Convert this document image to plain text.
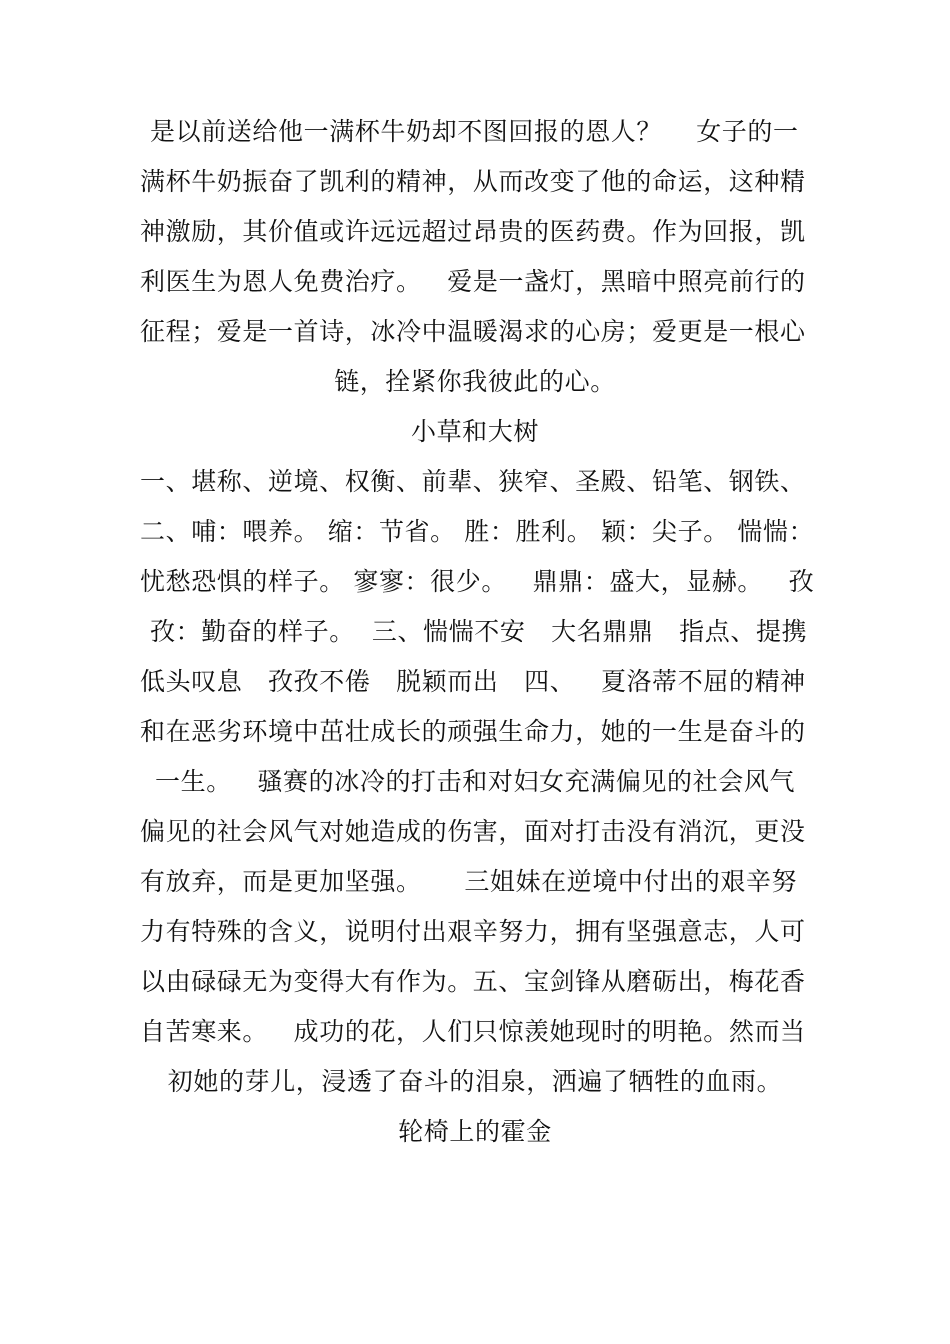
是以前送给他一满杯牛奶却不图回报的恩人？    女子的一
满杯牛奶振奋了凯利的精神，从而改变了他的命运，这种精
神激励，其价值或许远远超过昂贵的医药费。作为回报，凯
利医生为恩人免费治疗。   爱是一盏灯，黑暗中照亮前行的
征程；爱是一首诗，冰冷中温暖渴求的心房；爱更是一根心
链，拴紧你我彼此的心。
小草和大树
一、堪称、逆境、权衡、前辈、狭窄、圣殿、铅笔、钢铁、
二、哺：喂养。 缩：节省。 胜：胜利。 颖：尖子。 惴惴：
忧愁恐惧的样子。 寥寥：很少。   鼎鼎：盛大，显赫。   孜
孜：勤奋的样子。  三、惴惴不安   大名鼎鼎   指点、提携
低头叹息   孜孜不倦   脱颖而出   四、   夏洛蒂不屈的精神
和在恶劣环境中茁壮成长的顽强生命力，她的一生是奋斗的
一生。   骚赛的冰冷的打击和对妇女充满偏见的社会风气
偏见的社会风气对她造成的伤害，面对打击没有消沉，更没
有放弃，而是更加坚强。     三姐妹在逆境中付出的艰辛努
力有特殊的含义，说明付出艰辛努力，拥有坚强意志，人可
以由碌碌无为变得大有作为。五、宝剑锋从磨砺出，梅花香
自苦寒来。   成功的花，人们只惊羡她现时的明艳。然而当
初她的芽儿，浸透了奋斗的泪泉，洒遍了牺牲的血雨。
轮椅上的霍金
